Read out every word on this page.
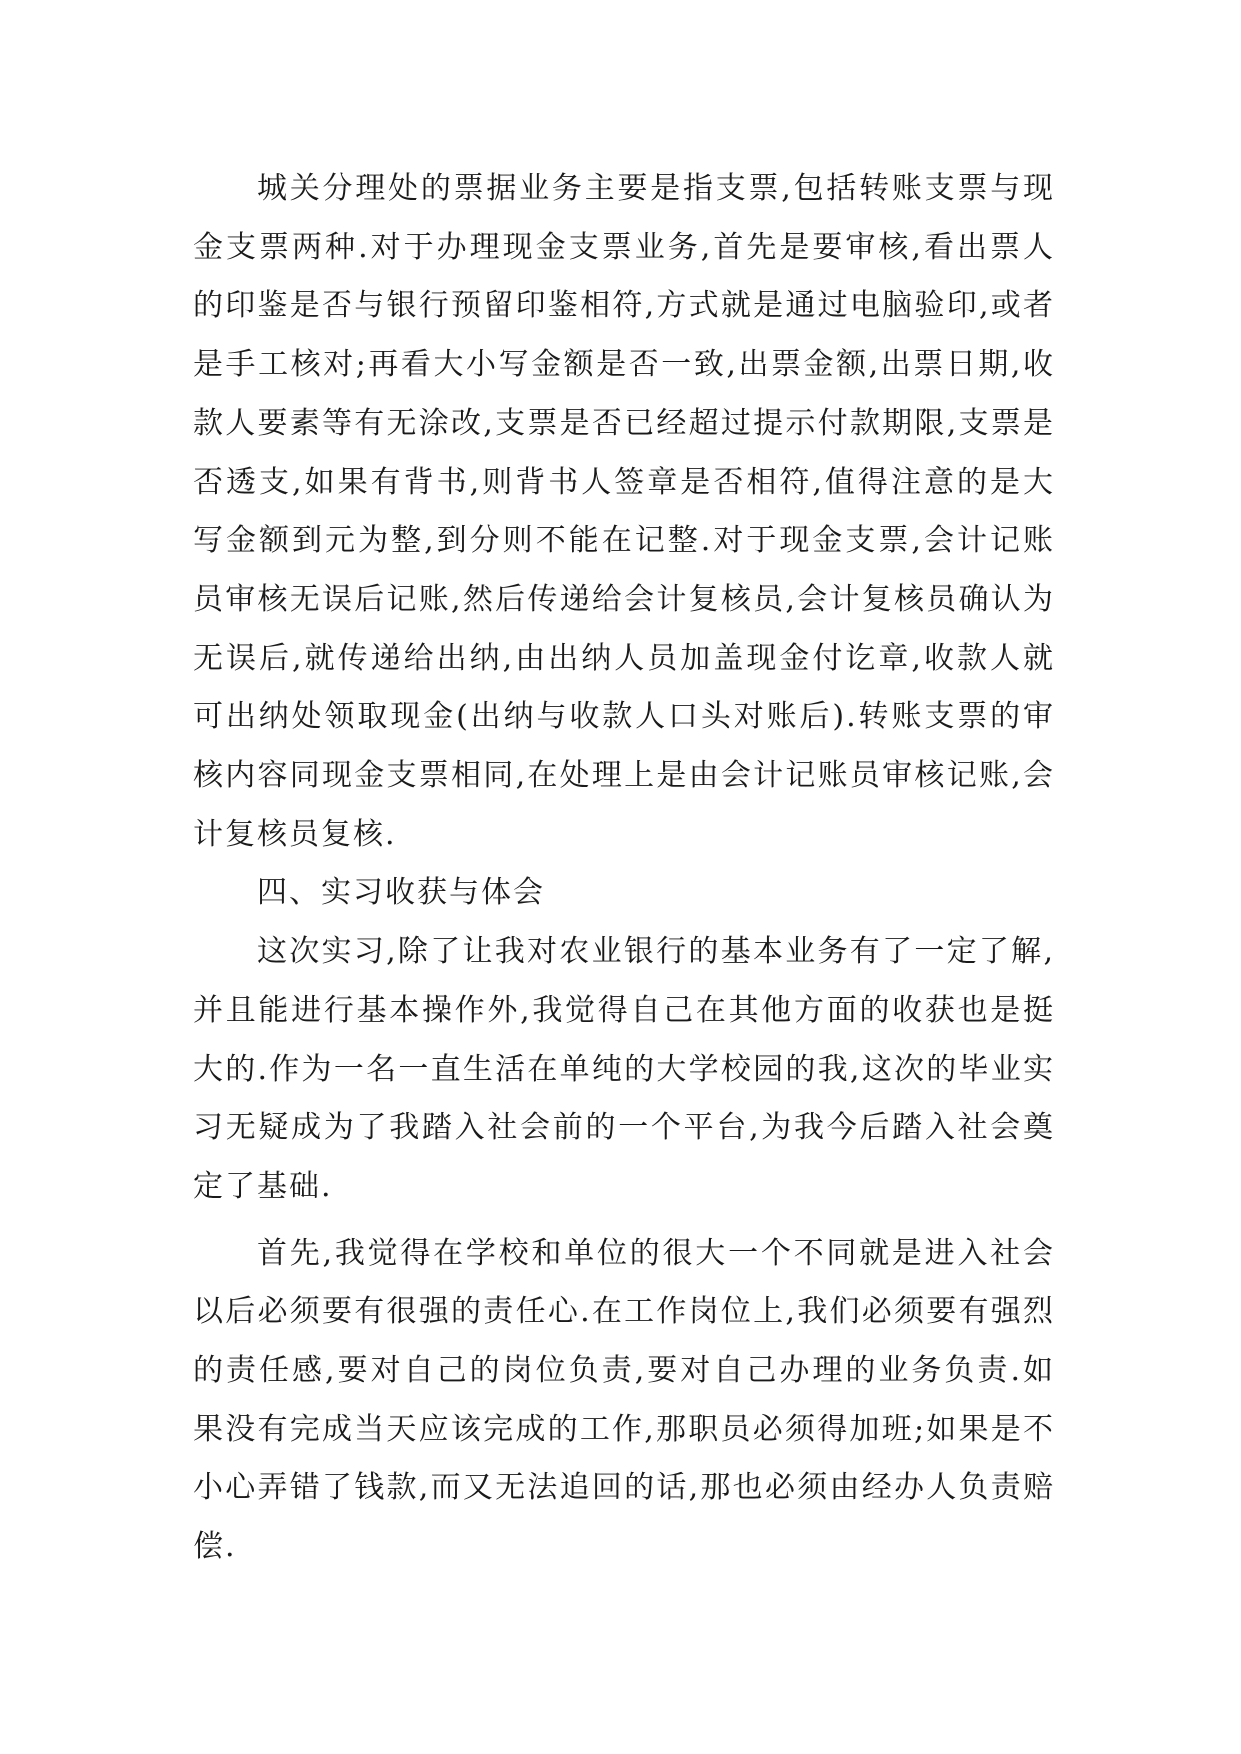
城关分理处的票据业务主要是指支票,包括转账支票与现金支票两种.对于办理现金支票业务,首先是要审核,看出票人的印鉴是否与银行预留印鉴相符,方式就是通过电脑验印,或者是手工核对;再看大小写金额是否一致,出票金额,出票日期,收款人要素等有无涂改,支票是否已经超过提示付款期限,支票是否透支,如果有背书,则背书人签章是否相符,值得注意的是大写金额到元为整,到分则不能在记整.对于现金支票,会计记账员审核无误后记账,然后传递给会计复核员,会计复核员确认为无误后,就传递给出纳,由出纳人员加盖现金付讫章,收款人就可出纳处领取现金(出纳与收款人口头对账后).转账支票的审核内容同现金支票相同,在处理上是由会计记账员审核记账,会计复核员复核.

四、实习收获与体会

这次实习,除了让我对农业银行的基本业务有了一定了解,并且能进行基本操作外,我觉得自己在其他方面的收获也是挺大的.作为一名一直生活在单纯的大学校园的我,这次的毕业实习无疑成为了我踏入社会前的一个平台,为我今后踏入社会奠定了基础.

首先,我觉得在学校和单位的很大一个不同就是进入社会以后必须要有很强的责任心.在工作岗位上,我们必须要有强烈的责任感,要对自己的岗位负责,要对自己办理的业务负责.如果没有完成当天应该完成的工作,那职员必须得加班;如果是不小心弄错了钱款,而又无法追回的话,那也必须由经办人负责赔偿.
